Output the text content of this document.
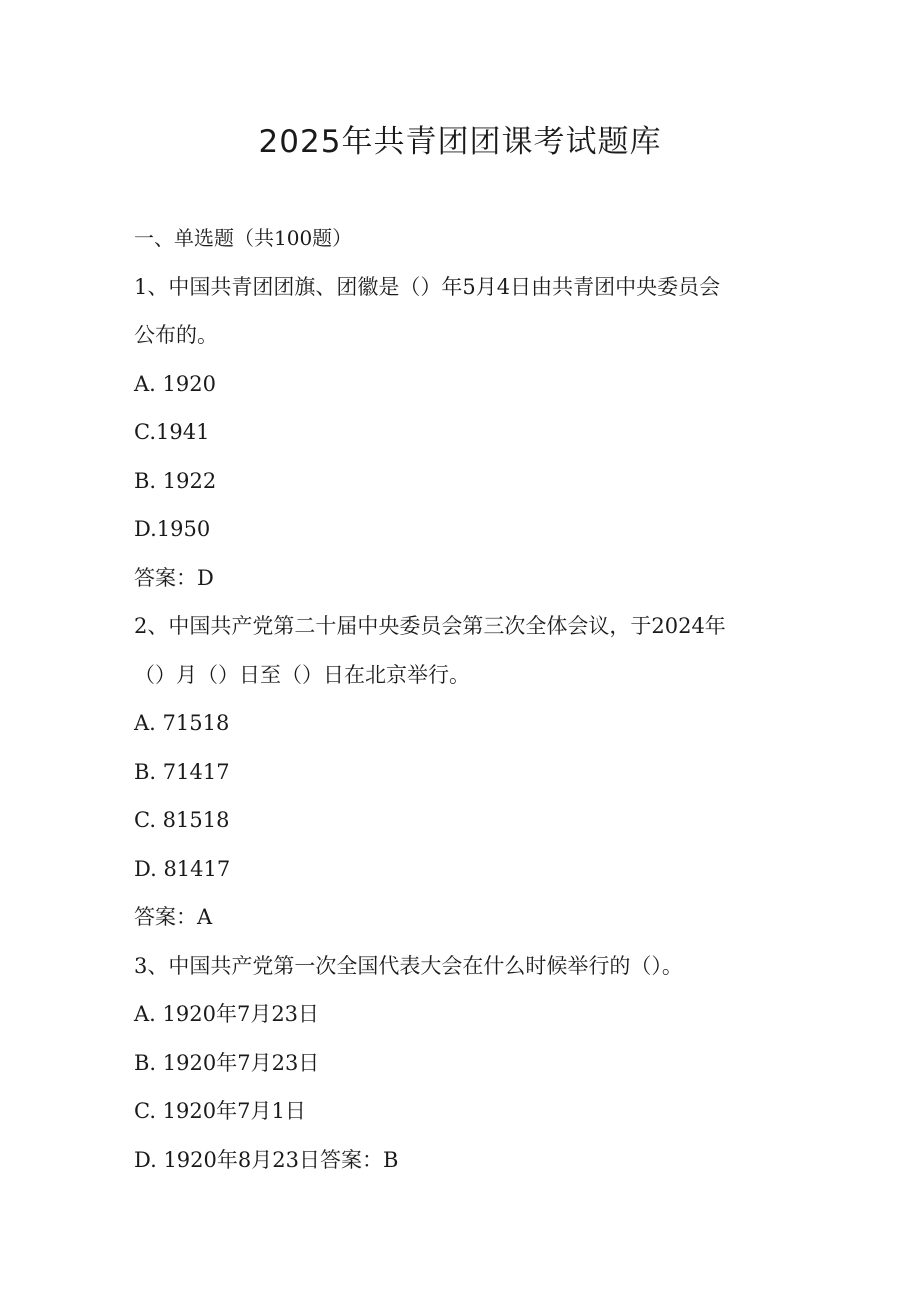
2025年共青团团课考试题库

一、单选题（共100题）

1、中国共青团团旗、团徽是（）年5月4日由共青团中央委员会

公布的。

A. 1920

C.1941

B. 1922

D.1950

答案：D

2、中国共产党第二十届中央委员会第三次全体会议，于2024年

（）月（）日至（）日在北京举行。

A. 71518

B. 71417

C. 81518

D. 81417

答案：A

3、中国共产党第一次全国代表大会在什么时候举行的（）。

A. 1920年7月23日

B. 1920年7月23日

C. 1920年7月1日

D. 1920年8月23日答案：B
